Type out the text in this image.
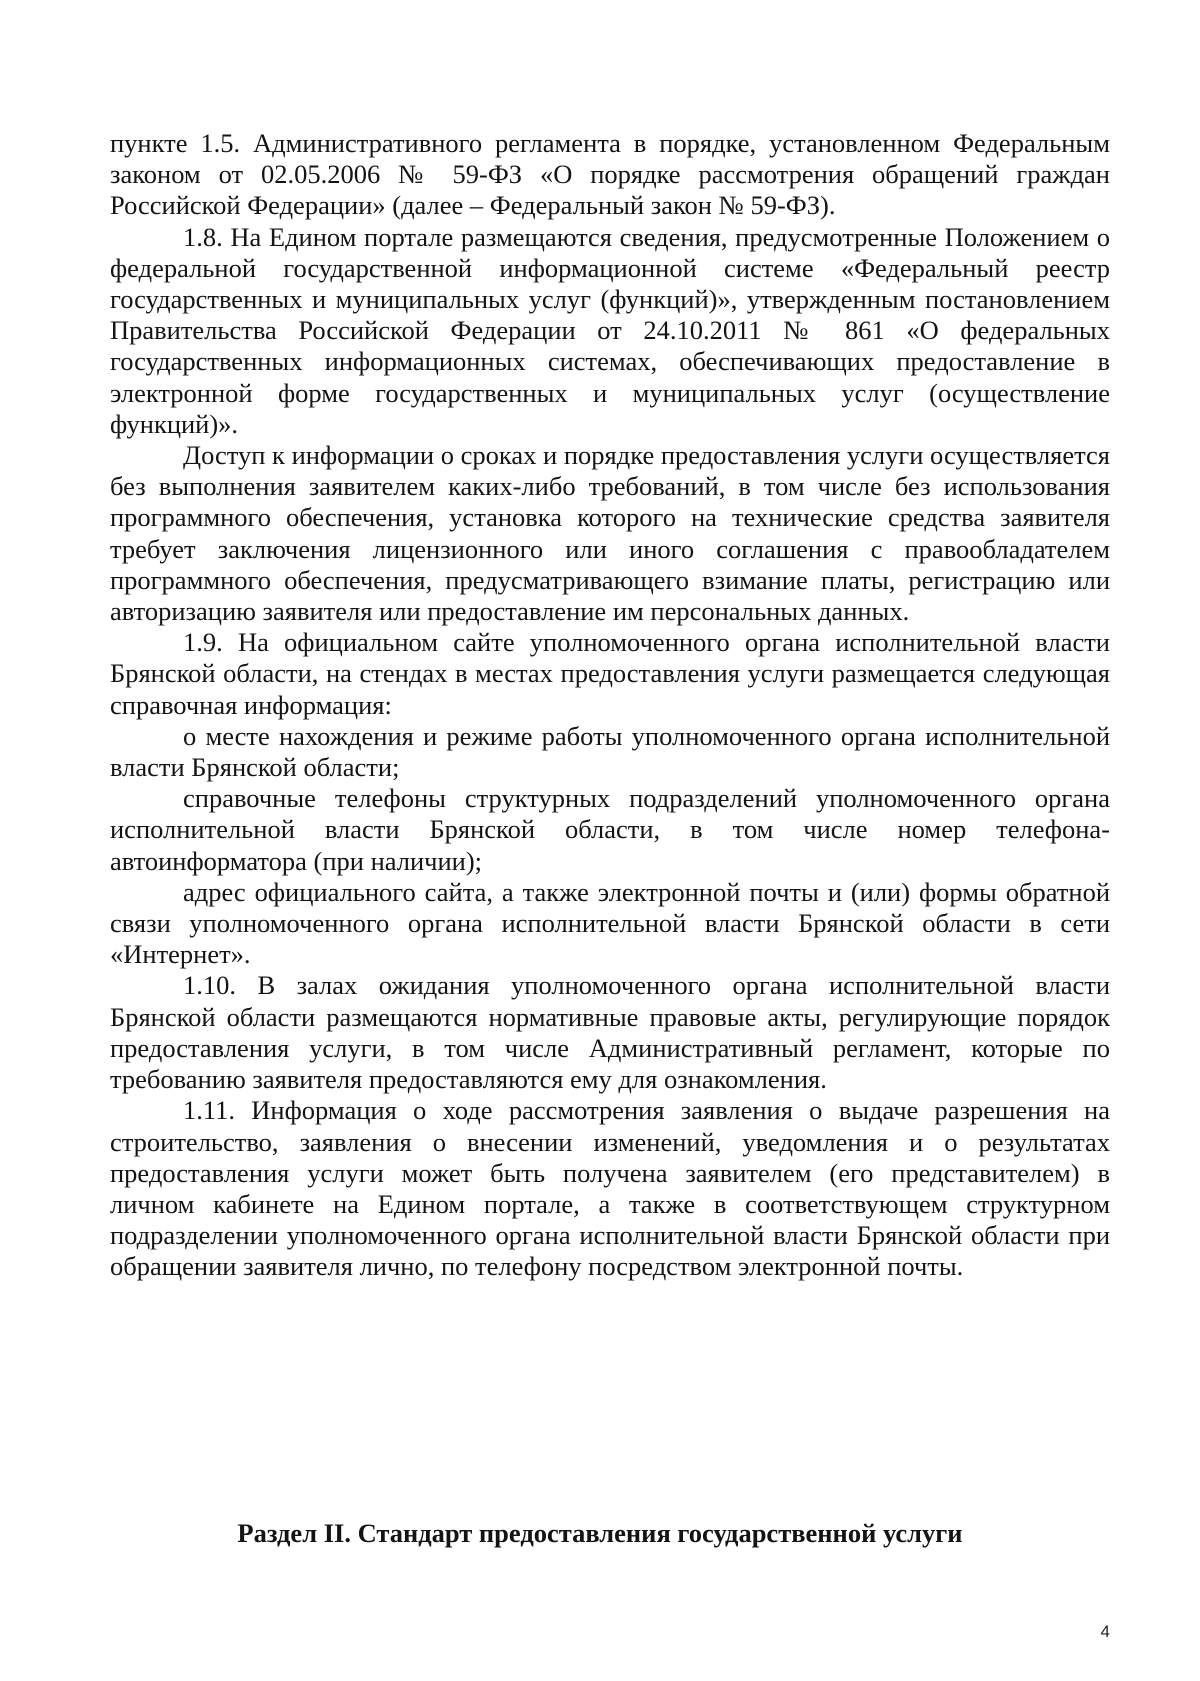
пункте 1.5. Административного регламента в порядке, установленном Федеральным законом от 02.05.2006 № 59-ФЗ «О порядке рассмотрения обращений граждан Российской Федерации» (далее – Федеральный закон № 59-ФЗ).

1.8. На Едином портале размещаются сведения, предусмотренные Положением о федеральной государственной информационной системе «Федеральный реестр государственных и муниципальных услуг (функций)», утвержденным постановлением Правительства Российской Федерации от 24.10.2011 № 861 «О федеральных государственных информационных системах, обеспечивающих предоставление в электронной форме государственных и муниципальных услуг (осуществление функций)».

Доступ к информации о сроках и порядке предоставления услуги осуществляется без выполнения заявителем каких-либо требований, в том числе без использования программного обеспечения, установка которого на технические средства заявителя требует заключения лицензионного или иного соглашения с правообладателем программного обеспечения, предусматривающего взимание платы, регистрацию или авторизацию заявителя или предоставление им персональных данных.

1.9. На официальном сайте уполномоченного органа исполнительной власти Брянской области, на стендах в местах предоставления услуги размещается следующая справочная информация:

о месте нахождения и режиме работы уполномоченного органа исполнительной власти Брянской области;

справочные телефоны структурных подразделений уполномоченного органа исполнительной власти Брянской области, в том числе номер телефона-автоинформатора (при наличии);

адрес официального сайта, а также электронной почты и (или) формы обратной связи уполномоченного органа исполнительной власти Брянской области в сети «Интернет».

1.10. В залах ожидания уполномоченного органа исполнительной власти Брянской области размещаются нормативные правовые акты, регулирующие порядок предоставления услуги, в том числе Административный регламент, которые по требованию заявителя предоставляются ему для ознакомления.

1.11. Информация о ходе рассмотрения заявления о выдаче разрешения на строительство, заявления о внесении изменений, уведомления и о результатах предоставления услуги может быть получена заявителем (его представителем) в личном кабинете на Едином портале, а также в соответствующем структурном подразделении уполномоченного органа исполнительной власти Брянской области при обращении заявителя лично, по телефону посредством электронной почты.

Раздел II. Стандарт предоставления государственной услуги
4
